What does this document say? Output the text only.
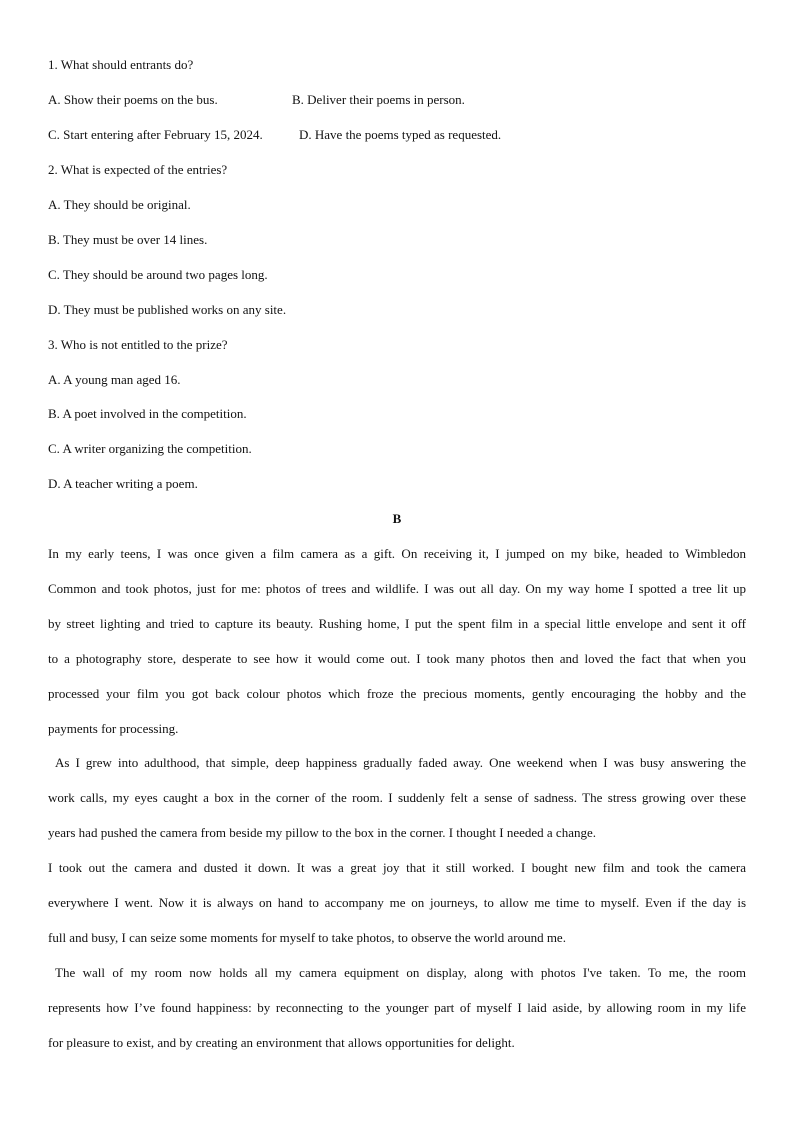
1. What should entrants do?
A. Show their poems on the bus.	B. Deliver their poems in person.
C. Start entering after February 15, 2024.	D. Have the poems typed as requested.
2. What is expected of the entries?
A. They should be original.
B. They must be over 14 lines.
C. They should be around two pages long.
D. They must be published works on any site.
3. Who is not entitled to the prize?
A. A young man aged 16.
B. A poet involved in the competition.
C. A writer organizing the competition.
D. A teacher writing a poem.
B
In my early teens, I was once given a film camera as a gift. On receiving it, I jumped on my bike, headed to Wimbledon
Common and took photos, just for me: photos of trees and wildlife. I was out all day. On my way home I spotted a tree lit up
by street lighting and tried to capture its beauty. Rushing home, I put the spent film in a special little envelope and sent it off
to a photography store, desperate to see how it would come out. I took many photos then and loved the fact that when you
processed your film you got back colour photos which froze the precious moments, gently encouraging the hobby and the
payments for processing.
As I grew into adulthood, that simple, deep happiness gradually faded away. One weekend when I was busy answering the
work calls, my eyes caught a box in the corner of the room. I suddenly felt a sense of sadness. The stress growing over these
years had pushed the camera from beside my pillow to the box in the corner. I thought I needed a change.
I took out the camera and dusted it down. It was a great joy that it still worked. I bought new film and took the camera
everywhere I went. Now it is always on hand to accompany me on journeys, to allow me time to myself. Even if the day is
full and busy, I can seize some moments for myself to take photos, to observe the world around me.
The wall of my room now holds all my camera equipment on display, along with photos I've taken. To me, the room
represents how I’ve found happiness: by reconnecting to the younger part of myself I laid aside, by allowing room in my life
for pleasure to exist, and by creating an environment that allows opportunities for delight.
